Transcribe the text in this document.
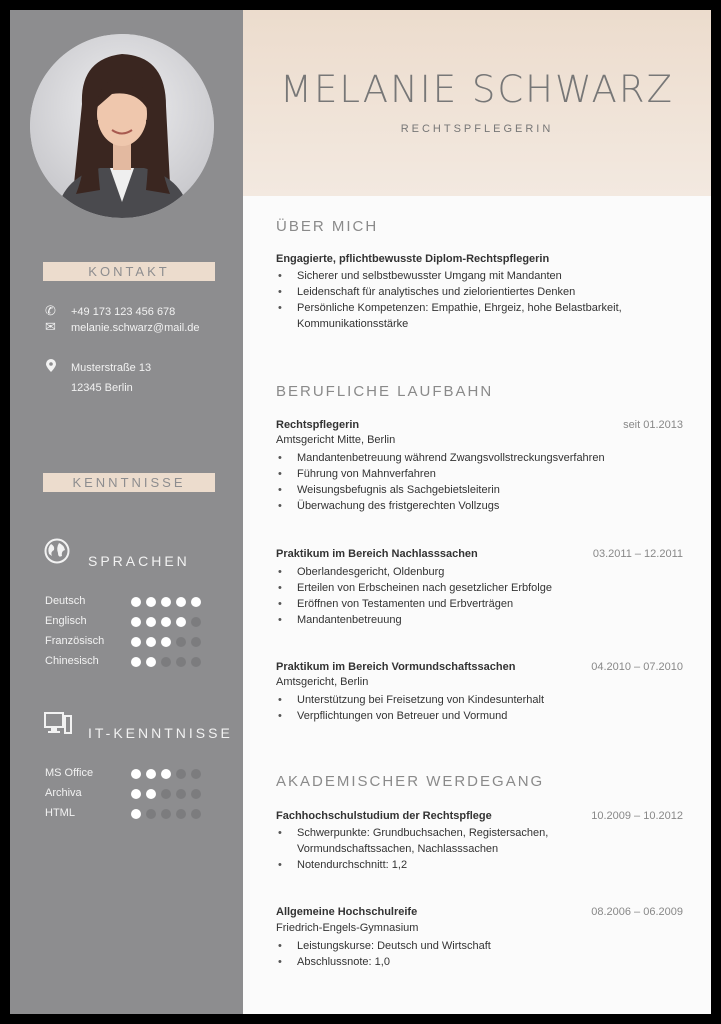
MELANIE SCHWARZ
RECHTSPFLEGERIN
KONTAKT
✆ +49 173 123 456 678
✉ melanie.schwarz@mail.de
Musterstraße 13
12345 Berlin
KENNTNISSE
SPRACHEN
Deutsch
Englisch
Französisch
Chinesisch
IT-KENNTNISSE
MS Office
Archiva
HTML
ÜBER MICH
Engagierte, pflichtbewusste Diplom-Rechtspflegerin
• Sicherer und selbstbewusster Umgang mit Mandanten
• Leidenschaft für analytisches und zielorientiertes Denken
• Persönliche Kompetenzen: Empathie, Ehrgeiz, hohe Belastbarkeit, Kommunikationsstärke
BERUFLICHE LAUFBAHN
Rechtspflegerin	seit 01.2013
Amtsgericht Mitte, Berlin
• Mandantenbetreuung während Zwangsvollstreckungsverfahren
• Führung von Mahnverfahren
• Weisungsbefugnis als Sachgebietsleiterin
• Überwachung des fristgerechten Vollzugs
Praktikum im Bereich Nachlasssachen	03.2011 – 12.2011
• Oberlandesgericht, Oldenburg
• Erteilen von Erbscheinen nach gesetzlicher Erbfolge
• Eröffnen von Testamenten und Erbverträgen
• Mandantenbetreuung
Praktikum im Bereich Vormundschaftssachen	04.2010 – 07.2010
Amtsgericht, Berlin
• Unterstützung bei Freisetzung von Kindesunterhalt
• Verpflichtungen von Betreuer und Vormund
AKADEMISCHER WERDEGANG
Fachhochschulstudium der Rechtspflege	10.2009 – 10.2012
• Schwerpunkte: Grundbuchsachen, Registersachen, Vormundschaftssachen, Nachlasssachen
• Notendurchschnitt: 1,2
Allgemeine Hochschulreife	08.2006 – 06.2009
Friedrich-Engels-Gymnasium
• Leistungskurse: Deutsch und Wirtschaft
• Abschlussnote: 1,0
